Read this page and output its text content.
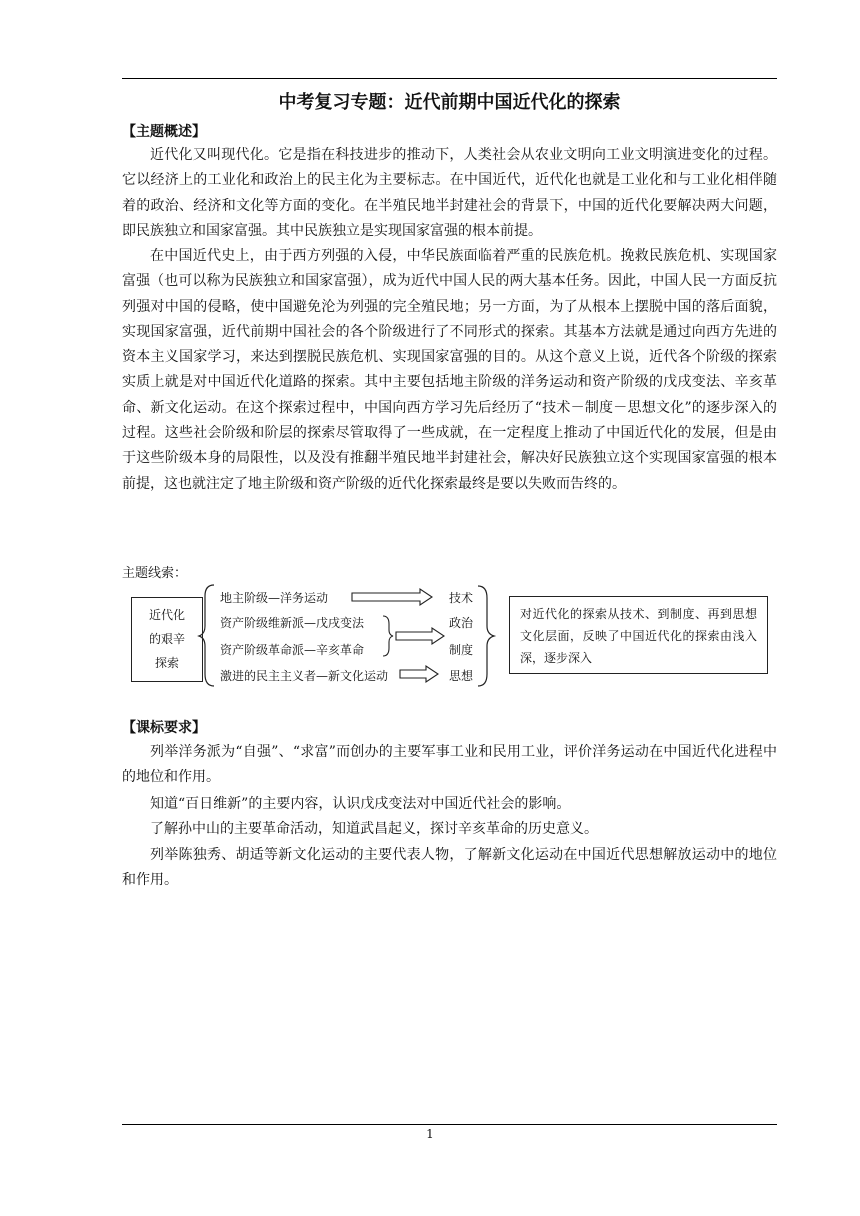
中考复习专题：近代前期中国近代化的探索
【主题概述】

近代化又叫现代化。它是指在科技进步的推动下，人类社会从农业文明向工业文明演进变化的过程。它以经济上的工业化和政治上的民主化为主要标志。在中国近代，近代化也就是工业化和与工业化相伴随着的政治、经济和文化等方面的变化。在半殖民地半封建社会的背景下，中国的近代化要解决两大问题，即民族独立和国家富强。其中民族独立是实现国家富强的根本前提。

在中国近代史上，由于西方列强的入侵，中华民族面临着严重的民族危机。挽救民族危机、实现国家富强（也可以称为民族独立和国家富强），成为近代中国人民的两大基本任务。因此，中国人民一方面反抗列强对中国的侵略，使中国避免沦为列强的完全殖民地；另一方面，为了从根本上摆脱中国的落后面貌，实现国家富强，近代前期中国社会的各个阶级进行了不同形式的探索。其基本方法就是通过向西方先进的资本主义国家学习，来达到摆脱民族危机、实现国家富强的目的。从这个意义上说，近代各个阶级的探索实质上就是对中国近代化道路的探索。其中主要包括地主阶级的洋务运动和资产阶级的戊戌变法、辛亥革命、新文化运动。在这个探索过程中，中国向西方学习先后经历了“技术－制度－思想文化”的逐步深入的过程。这些社会阶级和阶层的探索尽管取得了一些成就，在一定程度上推动了中国近代化的发展，但是由于这些阶级本身的局限性，以及没有推翻半殖民地半封建社会，解决好民族独立这个实现国家富强的根本前提，这也就注定了地主阶级和资产阶级的近代化探索最终是要以失败而告终的。

主题线索：
近代化
的艰辛
探索
地主阶级—洋务运动
资产阶级维新派—戊戌变法
资产阶级革命派—辛亥革命
激进的民主主义者—新文化运动
技术
政治
制度
思想
对近代化的探索从技术、到制度、再到思想文化层面，反映了中国近代化的探索由浅入深，逐步深入
【课标要求】

列举洋务派为“自强”、“求富”而创办的主要军事工业和民用工业，评价洋务运动在中国近代化进程中的地位和作用。

知道“百日维新”的主要内容，认识戊戌变法对中国近代社会的影响。

了解孙中山的主要革命活动，知道武昌起义，探讨辛亥革命的历史意义。

列举陈独秀、胡适等新文化运动的主要代表人物，了解新文化运动在中国近代思想解放运动中的地位和作用。

1
